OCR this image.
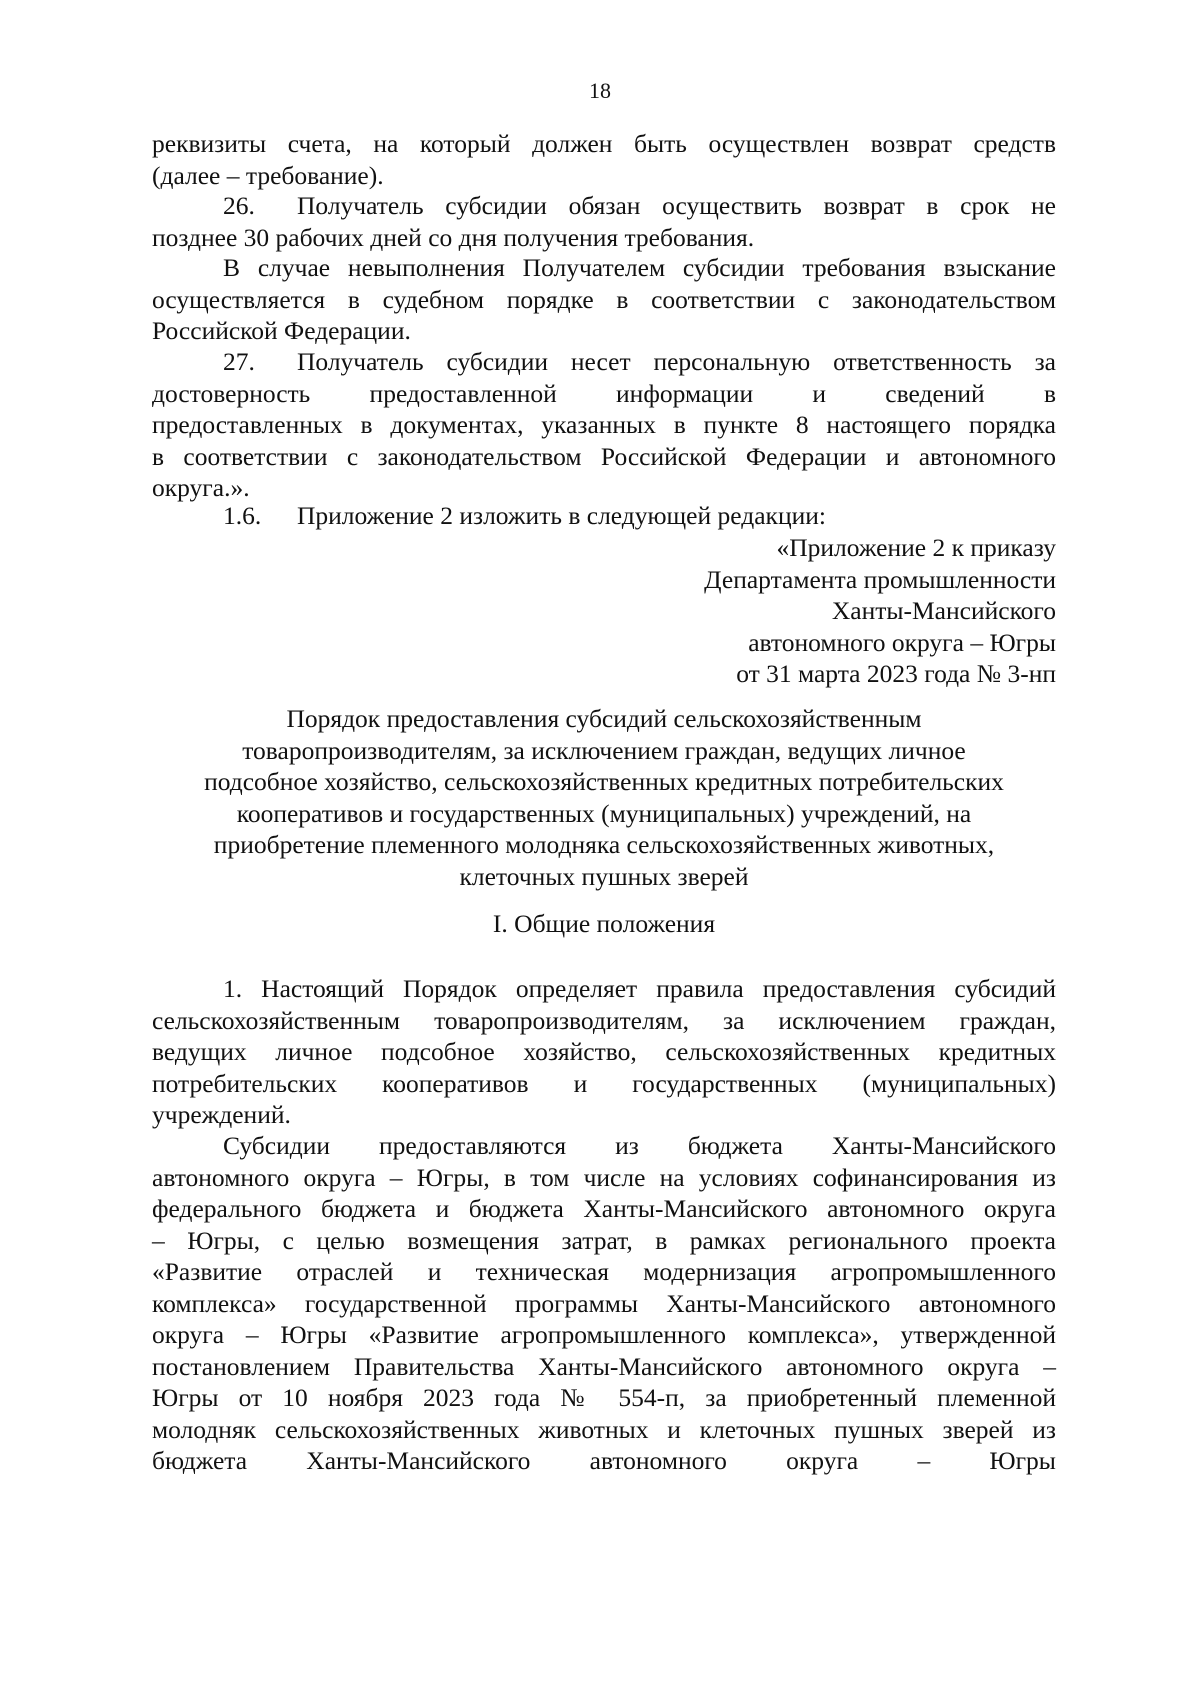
18

реквизиты счета, на который должен быть осуществлен возврат средств

(далее – требование).

26. Получатель субсидии обязан осуществить возврат в срок не

позднее 30 рабочих дней со дня получения требования.

В случае невыполнения Получателем субсидии требования взыскание

осуществляется в судебном порядке в соответствии с законодательством

Российской Федерации.

27. Получатель субсидии несет персональную ответственность за

достоверность предоставленной информации и сведений в

предоставленных в документах, указанных в пункте 8 настоящего порядка

в соответствии с законодательством Российской Федерации и автономного

округа.».

1.6. Приложение 2 изложить в следующей редакции:

«Приложение 2 к приказу

Департамента промышленности

Ханты-Мансийского

автономного округа – Югры

от 31 марта 2023 года № 3-нп

Порядок предоставления субсидий сельскохозяйственным

товаропроизводителям, за исключением граждан, ведущих личное

подсобное хозяйство, сельскохозяйственных кредитных потребительских

кооперативов и государственных (муниципальных) учреждений, на

приобретение племенного молодняка сельскохозяйственных животных,

клеточных пушных зверей

I. Общие положения

1. Настоящий Порядок определяет правила предоставления субсидий

сельскохозяйственным товаропроизводителям, за исключением граждан,

ведущих личное подсобное хозяйство, сельскохозяйственных кредитных

потребительских кооперативов и государственных (муниципальных)

учреждений.

Субсидии предоставляются из бюджета Ханты-Мансийского

автономного округа – Югры, в том числе на условиях софинансирования из

федерального бюджета и бюджета Ханты-Мансийского автономного округа

– Югры, с целью возмещения затрат, в рамках регионального проекта

«Развитие отраслей и техническая модернизация агропромышленного

комплекса» государственной программы Ханты-Мансийского автономного

округа – Югры «Развитие агропромышленного комплекса», утвержденной

постановлением Правительства Ханты-Мансийского автономного округа –

Югры от 10 ноября 2023 года № 554-п, за приобретенный племенной

молодняк сельскохозяйственных животных и клеточных пушных зверей из

бюджета Ханты-Мансийского автономного округа – Югры
